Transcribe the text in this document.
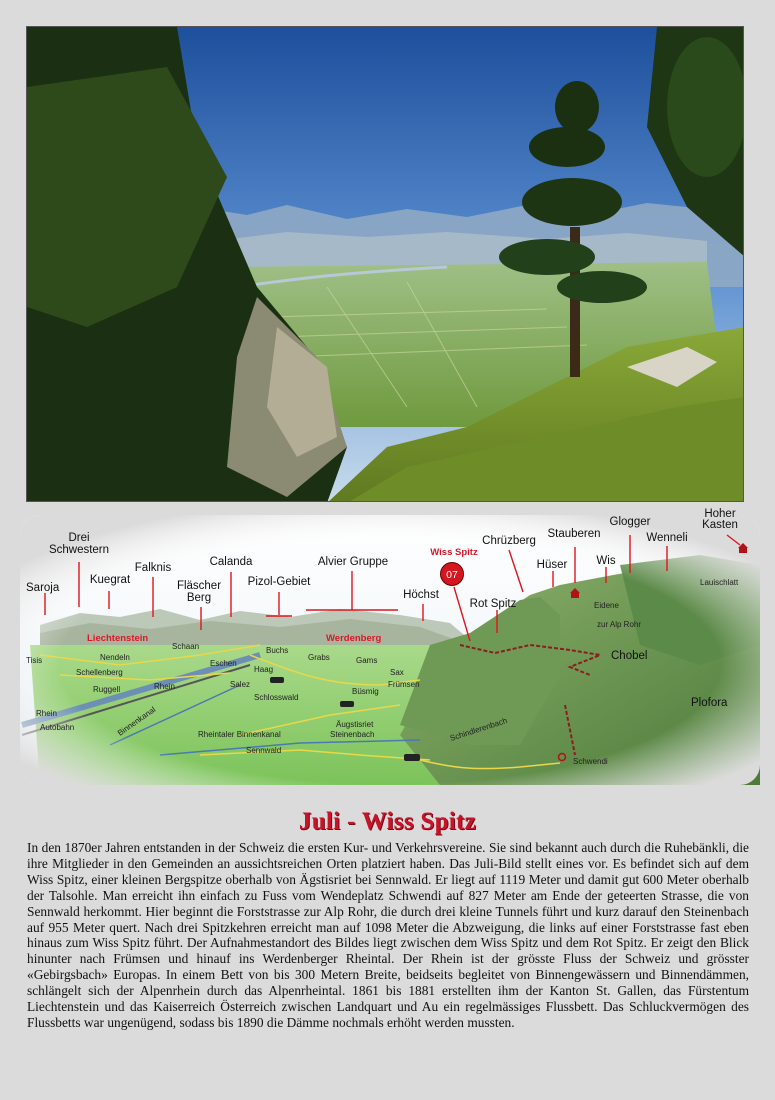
07
Saroja
Drei
Schwestern
Kuegrat
Falknis
Fläscher
Berg
Calanda
Pizol-Gebiet
Alvier Gruppe
Höchst
Wiss Spitz
Chrüzberg
Rot Spitz
Hüser
Stauberen
Wis
Glogger
Wenneli
Hoher
Kasten
Lauischlatt
Eidene
zur Alp Rohr
Chobel
Plofora
Schwendi
Liechtenstein	Werdenberg
Tisis	Nendeln
Schellenberg
Ruggell	Rhein
Rhein
Autobahn	Binnenkanal
Schaan
Eschen
Buchs
Haag
Grabs	Gams
Sax
Frümsen
Salez
Schlosswald
Büsmig
Rheintaler Binnenkanal
Äugstisriet
Steinenbach	Schindlerenbach
Sennwald
Juli - Wiss Spitz

In den 1870er Jahren entstanden in der Schweiz die ersten Kur- und Verkehrsvereine. Sie sind bekannt auch durch die Ruhebänkli, die ihre Mitglieder in den Gemeinden an aussichtsreichen Orten platziert haben. Das Juli-Bild stellt eines vor. Es befindet sich auf dem Wiss Spitz, einer kleinen Bergspitze oberhalb von Ägstisriet bei Sennwald. Er liegt auf 1119 Meter und damit gut 600 Meter oberhalb der Talsohle. Man erreicht ihn einfach zu Fuss vom Wendeplatz Schwendi auf 827 Meter am Ende der geteerten Strasse, die von Sennwald herkommt. Hier beginnt die Forststrasse zur Alp Rohr, die durch drei kleine Tunnels führt und kurz darauf den Steinenbach auf 955 Meter quert. Nach drei Spitzkehren erreicht man auf 1098 Meter die Abzweigung, die links auf einer Forststrasse fast eben hinaus zum Wiss Spitz führt. Der Aufnahmestandort des Bildes liegt zwischen dem Wiss Spitz und dem Rot Spitz. Er zeigt den Blick hinunter nach Frümsen und hinauf ins Werdenberger Rheintal. Der Rhein ist der grösste Fluss der Schweiz und grösster «Gebirgsbach» Europas. In einem Bett von bis 300 Metern Breite, beidseits begleitet von Binnengewässern und Binnendämmen, schlängelt sich der Alpenrhein durch das Alpenrheintal. 1861 bis 1881 erstellten ihm der Kanton St. Gallen, das Fürstentum Liechtenstein und das Kaiserreich Österreich zwischen Landquart und Au ein regelmässiges Flussbett. Das Schluckvermögen des Flussbetts war ungenügend, sodass bis 1890 die Dämme nochmals erhöht werden mussten.
